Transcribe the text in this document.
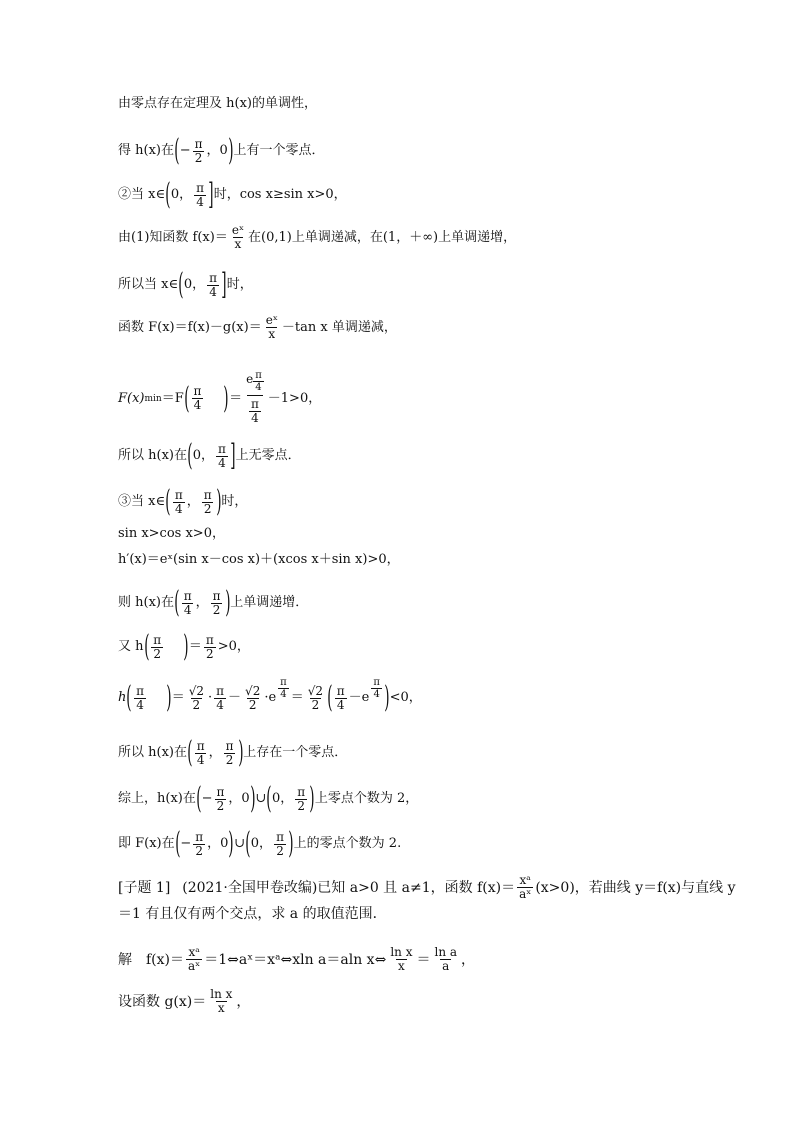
由零点存在定理及 h(x)的单调性，
得 h(x)在 ( − $\frac{\pi}{2}$ ，0 ) 上有一个零点．
②当 x∈ ( 0， $\frac{\pi}{4}$ ] 时，cos x≥sin x>0，
由(1)知函数 $f(x)= \frac{\text{eˣ}}{x}$ 在(0,1)上单调递减，在(1，＋∞)上单调递增，
所以当 x∈ ( 0， $\frac{\pi}{4}$ ] 时，
函数 $F(x)=f(x)-g(x)= \frac{\text{eˣ}}{x} -\tan$ x 单调递减，
F(x) min ＝F ( $\frac{\pi}{4}$ ) ＝ $\frac{e \frac{\pi}{4}}{\frac{\pi}{4}} -1>0$，
所以 h(x)在 ( 0， $\frac{\pi}{4}$ ] 上无零点．
③当 x∈ ( $\frac{\pi}{4}$ ， $\frac{\pi}{2}$ ) 时，
sin x>cos x>0，
h′(x)＝eˣ(sin x－cos x)＋(xcos x＋sin x)>0，
则 h(x)在 ( $\frac{\pi}{4}$ ， $\frac{\pi}{2}$ ) 上单调递增．
又 h ( $\frac{\pi}{2}$ ) ＝ $\frac{\pi}{2} >0$，
h ( $\frac{\pi}{4}$ ) ＝ $\frac{√2}{2} \cdot \frac{\pi}{4} - \frac{√2}{2} \cdot e \frac{\pi}{4} = \frac{√2}{2}$ ( $\frac{\pi}{4} -e \frac{\pi}{4}$ ) <0，
所以 h(x)在 ( $\frac{\pi}{4}$ ， $\frac{\pi}{2}$ ) 上存在一个零点．
综上，h(x)在 ( − $\frac{\pi}{2}$ ，0 ) ∪ ( 0， $\frac{\pi}{2}$ ) 上零点个数为 2，
即 F(x)在 ( − $\frac{\pi}{2}$ ，0 ) ∪ ( 0， $\frac{\pi}{2}$ ) 上的零点个数为 2.
[子题 1] (2021·全国甲卷改编) 已知 a>0 且 a≠1，函数 $f(x)= \frac{\text{xᵃ}}{\text{aˣ}} (x>0)$，若曲线 y＝f(x)与直线 y
＝1 有且仅有两个交点，求 a 的取值范围．
解　$f(x)= \frac{\text{xᵃ}}{\text{aˣ}}$ ＝1⇔aˣ＝xᵃ⇔xln a＝aln x⇔ $\frac{\text{ln x}}{x} = \frac{\text{ln a}}{a}$ ，
设函数 $g(x)= \frac{\text{ln x}}{x}$ ，
